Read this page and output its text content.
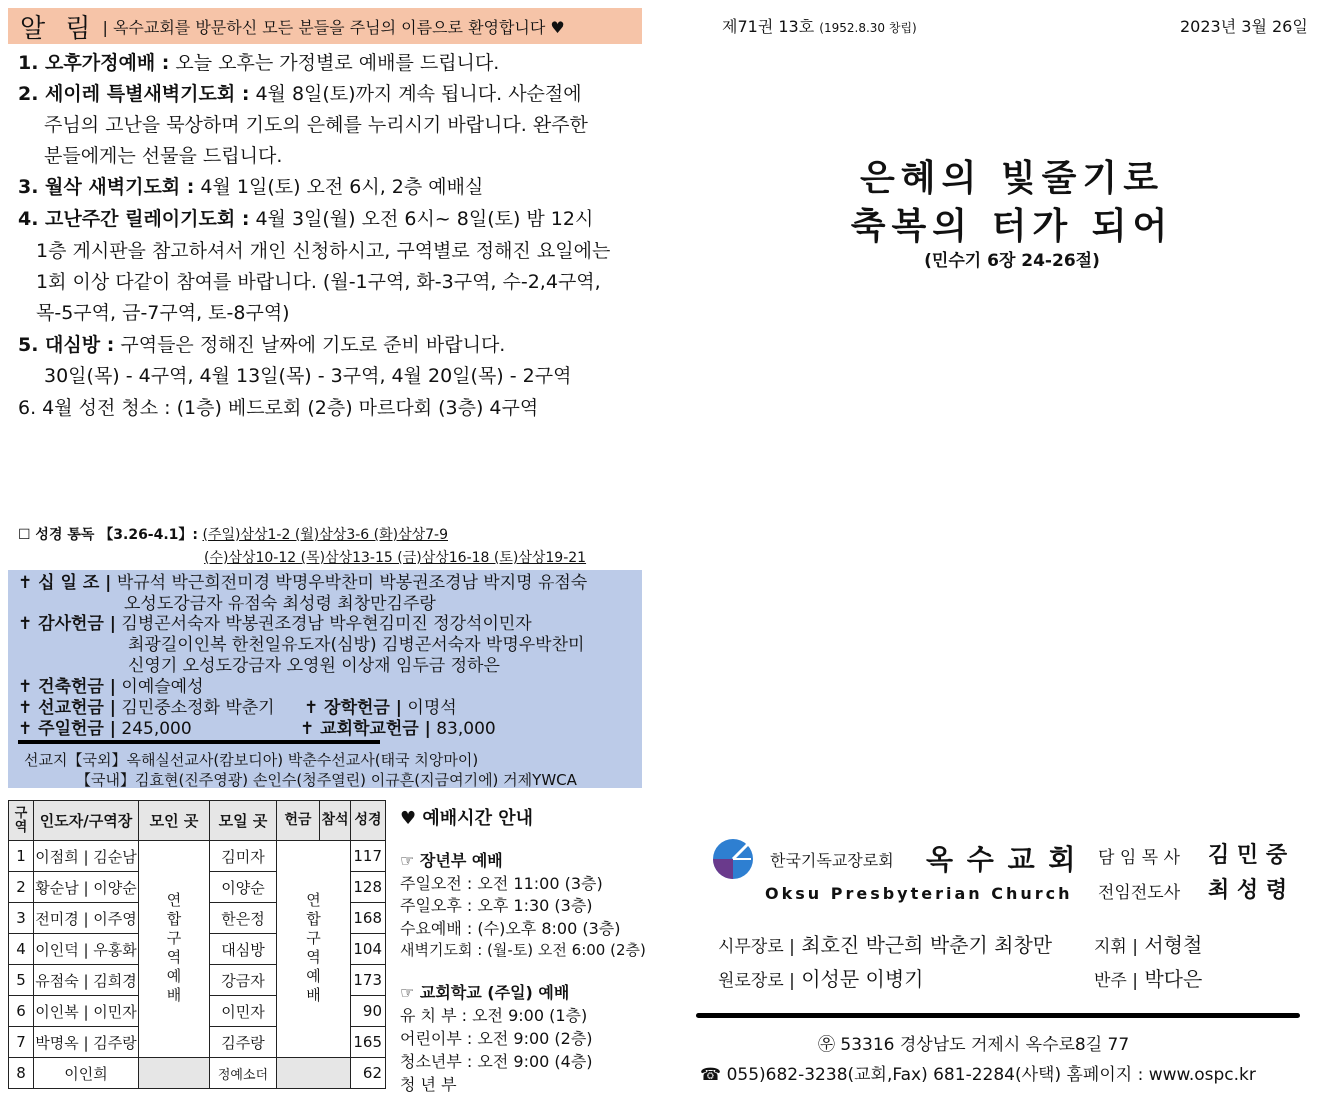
알 림 | 옥수교회를 방문하신 모든 분들을 주님의 이름으로 환영합니다 ♥
1. 오후가정예배 : 오늘 오후는 가정별로 예배를 드립니다.
2. 세이레 특별새벽기도회 : 4월 8일(토)까지 계속 됩니다. 사순절에
주님의 고난을 묵상하며 기도의 은혜를 누리시기 바랍니다. 완주한
분들에게는 선물을 드립니다.
3. 월삭 새벽기도회 : 4월 1일(토) 오전 6시, 2층 예배실
4. 고난주간 릴레이기도회 : 4월 3일(월) 오전 6시~ 8일(토) 밤 12시
1층 게시판을 참고하셔서 개인 신청하시고, 구역별로 정해진 요일에는
1회 이상 다같이 참여를 바랍니다. (월-1구역, 화-3구역, 수-2,4구역,
목-5구역, 금-7구역, 토-8구역)
5. 대심방 : 구역들은 정해진 날짜에 기도로 준비 바랍니다.
30일(목) - 4구역, 4월 13일(목) - 3구역, 4월 20일(목) - 2구역
6. 4월 성전 청소 : (1층) 베드로회 (2층) 마르다회 (3층) 4구역
☐ 성경 통독 【3.26-4.1】: (주일)삼상1-2 (월)삼상3-6 (화)삼상7-9
(수)삼상10-12 (목)삼상13-15 (금)삼상16-18 (토)삼상19-21
✝ 십 일 조 | 박규석 박근희전미경 박명우박찬미 박봉권조경남 박지명 유점숙
오성도강금자 유점숙 최성령 최창만김주랑
✝ 감사헌금 | 김병곤서숙자 박봉권조경남 박우현김미진 정강석이민자
최광길이인복 한천일유도자(심방) 김병곤서숙자 박명우박찬미
신영기 오성도강금자 오영원 이상재 임두금 정하은
✝ 건축헌금 | 이예슬예성
✝ 선교헌금 | 김민중소정화 박춘기 ✝ 장학헌금 | 이명석
✝ 주일헌금 | 245,000	✝ 교회학교헌금 | 83,000
선교지【국외】옥해실선교사(캄보디아) 박춘수선교사(태국 치앙마이)
【국내】김효현(진주영광) 손인수(청주열린) 이규흔(지금여기에) 거제YWCA
구역	인도자/구역장	모인 곳	모일 곳	헌금	참석	성경
1	이점희 | 김순남	연합구역예배	김미자	연합구역예배		117
2	황순남 | 이양순		이양순			128
3	전미경 | 이주영		한은정			168
4	이인덕 | 우홍화		대심방			104
5	유점숙 | 김희경		강금자			173
6	이인복 | 이민자		이민자			90
7	박명옥 | 김주랑		김주랑			165
8	이인희		정예소더			62
♥ 예배시간 안내
☞ 장년부 예배
주일오전 : 오전 11:00 (3층)
주일오후 : 오후 1:30 (3층)
수요예배 : (수)오후 8:00 (3층)
새벽기도회 : (월-토) 오전 6:00 (2층)
☞ 교회학교 (주일) 예배
유 치 부 : 오전 9:00 (1층)
어린이부 : 오전 9:00 (2층)
청소년부 : 오전 9:00 (4층)
청 년 부
제71권 13호 (1952.8.30 창립)	2023년 3월 26일
은혜의 빛줄기로
축복의 터가 되어
(민수기 6장 24-26절)
한국기독교장로회 옥 수 교 회
Oksu Presbyterian Church
담 임 목 사 김 민 중
전임전도사 최 성 령
시무장로 | 최호진 박근희 박춘기 최창만 지휘 | 서형철
원로장로 | 이성문 이병기	반주 | 박다은
㉾ 53316 경상남도 거제시 옥수로8길 77
☎ 055)682-3238(교회,Fax) 681-2284(사택) 홈페이지 : www.ospc.kr
